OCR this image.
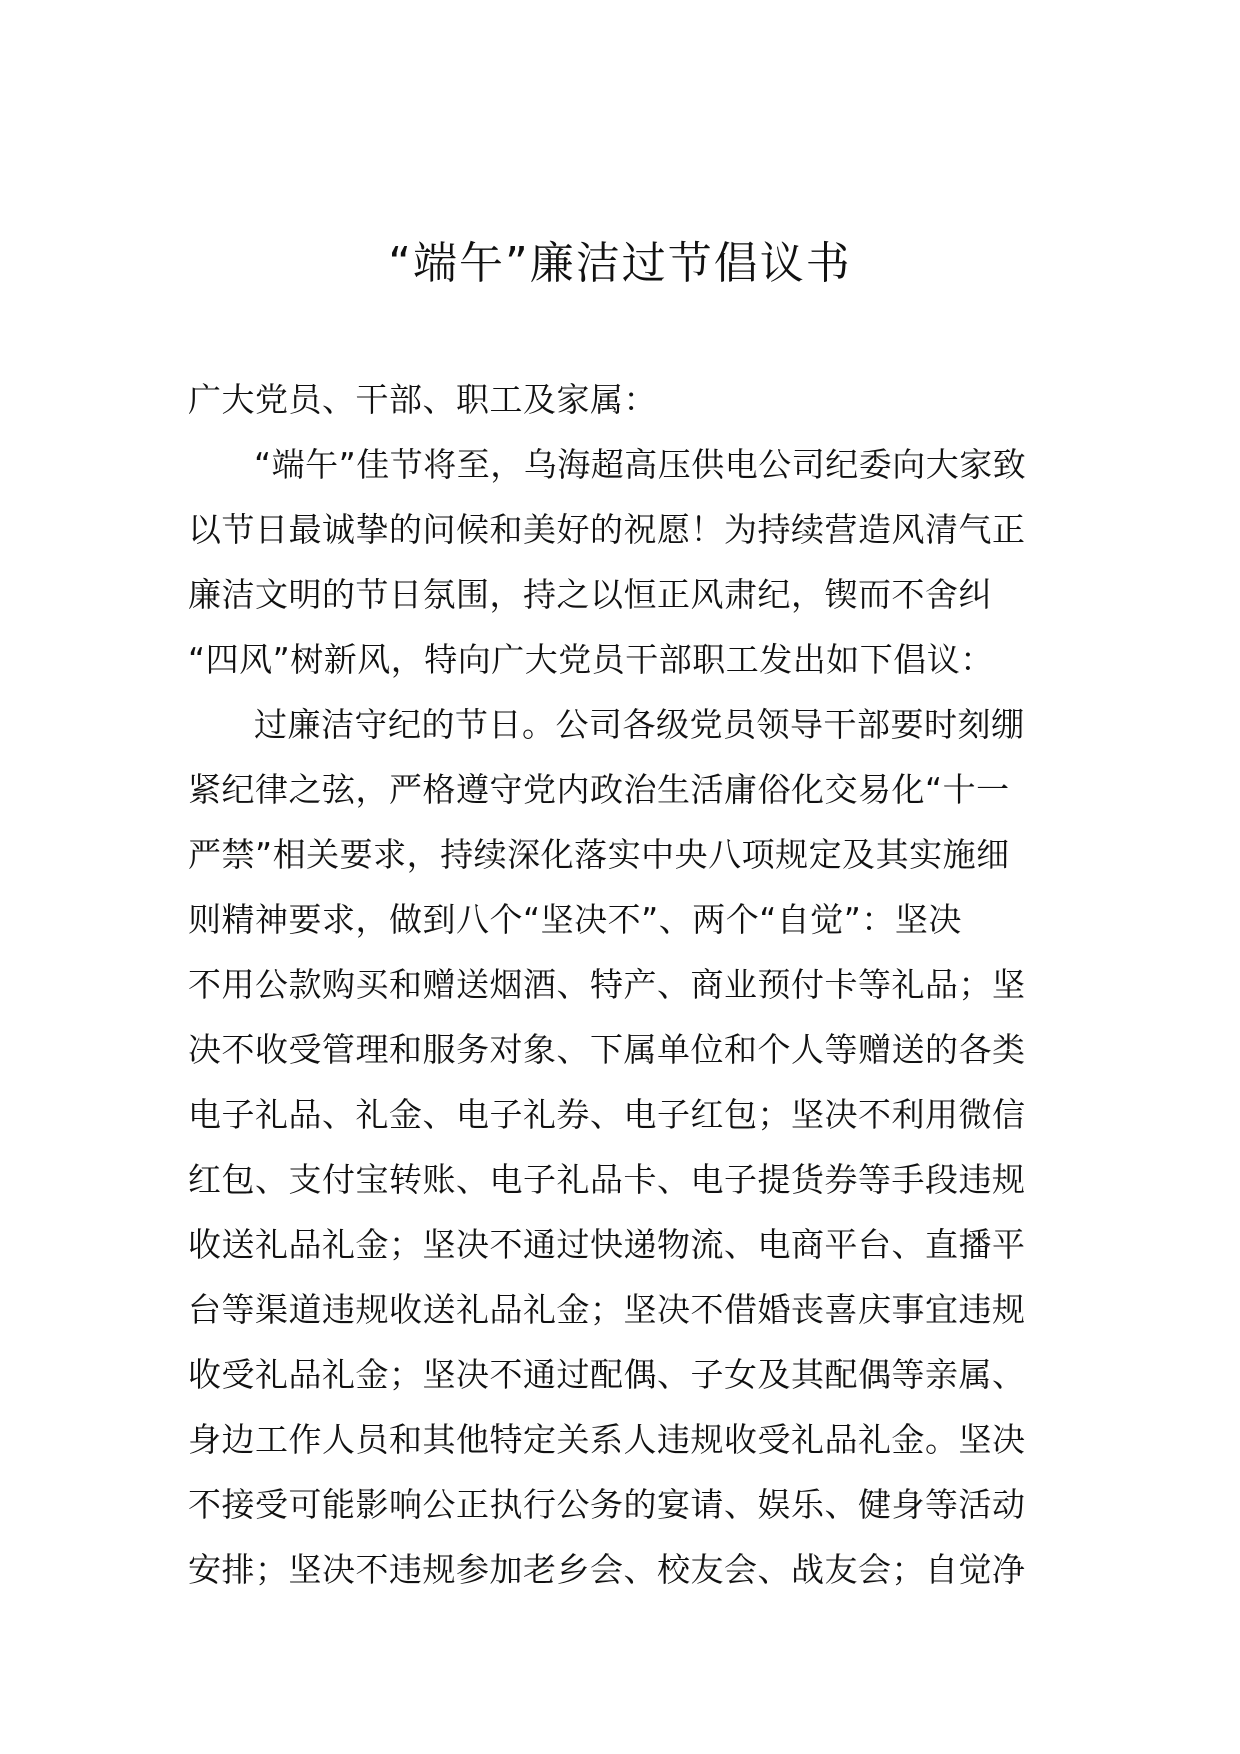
“端午”廉洁过节倡议书
广大党员、干部、职工及家属：
“端午”佳节将至，乌海超高压供电公司纪委向大家致
以节日最诚挚的问候和美好的祝愿！为持续营造风清气正
廉洁文明的节日氛围，持之以恒正风肃纪，锲而不舍纠
“四风”树新风，特向广大党员干部职工发出如下倡议：
过廉洁守纪的节日。公司各级党员领导干部要时刻绷
紧纪律之弦，严格遵守党内政治生活庸俗化交易化“十一
严禁”相关要求，持续深化落实中央八项规定及其实施细
则精神要求，做到八个“坚决不”、两个“自觉”：坚决
不用公款购买和赠送烟酒、特产、商业预付卡等礼品；坚
决不收受管理和服务对象、下属单位和个人等赠送的各类
电子礼品、礼金、电子礼券、电子红包；坚决不利用微信
红包、支付宝转账、电子礼品卡、电子提货券等手段违规
收送礼品礼金；坚决不通过快递物流、电商平台、直播平
台等渠道违规收送礼品礼金；坚决不借婚丧喜庆事宜违规
收受礼品礼金；坚决不通过配偶、子女及其配偶等亲属、
身边工作人员和其他特定关系人违规收受礼品礼金。坚决
不接受可能影响公正执行公务的宴请、娱乐、健身等活动
安排；坚决不违规参加老乡会、校友会、战友会；自觉净
